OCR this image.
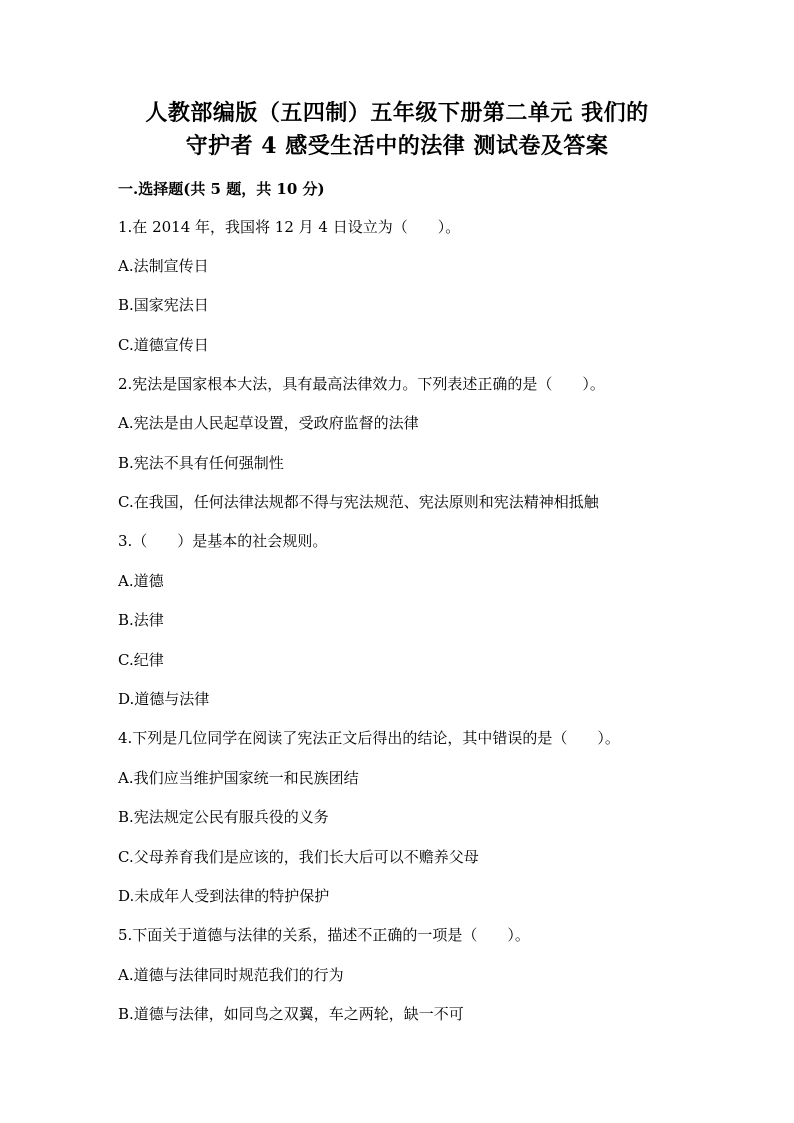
人教部编版（五四制）五年级下册第二单元 我们的
守护者 4 感受生活中的法律 测试卷及答案
一.选择题(共 5 题，共 10 分)
1.在 2014 年，我国将 12 月 4 日设立为（　　）。
A.法制宣传日
B.国家宪法日
C.道德宣传日
2.宪法是国家根本大法，具有最高法律效力。下列表述正确的是（　　）。
A.宪法是由人民起草设置，受政府监督的法律
B.宪法不具有任何强制性
C.在我国，任何法律法规都不得与宪法规范、宪法原则和宪法精神相抵触
3.（　　）是基本的社会规则。
A.道德
B.法律
C.纪律
D.道德与法律
4.下列是几位同学在阅读了宪法正文后得出的结论，其中错误的是（　　）。
A.我们应当维护国家统一和民族团结
B.宪法规定公民有服兵役的义务
C.父母养育我们是应该的，我们长大后可以不赡养父母
D.未成年人受到法律的特护保护
5.下面关于道德与法律的关系，描述不正确的一项是（　　）。
A.道德与法律同时规范我们的行为
B.道德与法律，如同鸟之双翼，车之两轮，缺一不可
